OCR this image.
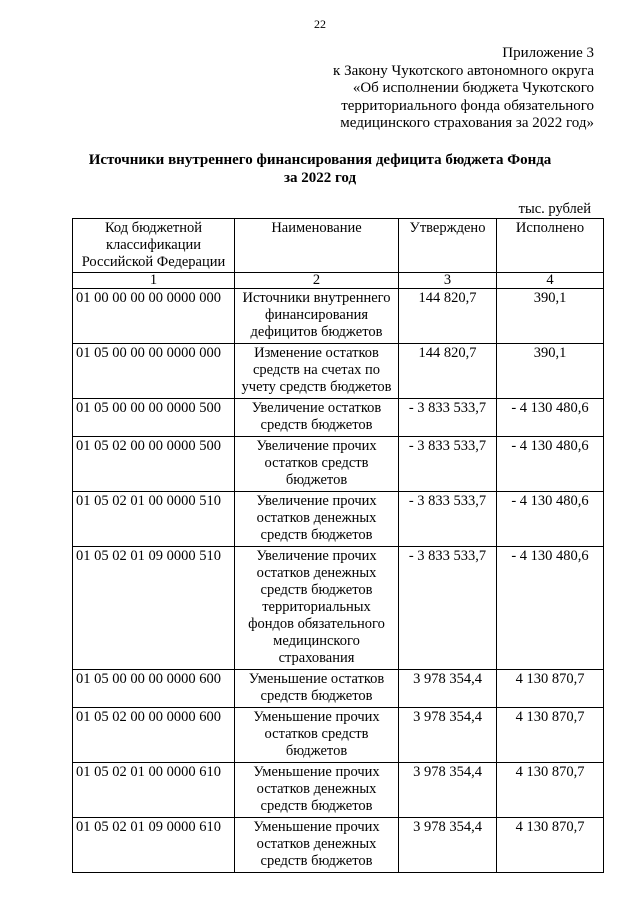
22
Приложение 3
к Закону Чукотского автономного округа
«Об исполнении бюджета Чукотского
территориального фонда обязательного
медицинского страхования за 2022 год»
Источники внутреннего финансирования дефицита бюджета Фонда
за 2022 год
тыс. рублей
Код бюджетной классификации Российской Федерации	Наименование	Утверждено	Исполнено
1	2	3	4
01 00 00 00 00 0000 000	Источники внутреннего финансирования дефицитов бюджетов	144 820,7	390,1
01 05 00 00 00 0000 000	Изменение остатков средств на счетах по учету средств бюджетов	144 820,7	390,1
01 05 00 00 00 0000 500	Увеличение остатков средств бюджетов	- 3 833 533,7	- 4 130 480,6
01 05 02 00 00 0000 500	Увеличение прочих остатков средств бюджетов	- 3 833 533,7	- 4 130 480,6
01 05 02 01 00 0000 510	Увеличение прочих остатков денежных средств бюджетов	- 3 833 533,7	- 4 130 480,6
01 05 02 01 09 0000 510	Увеличение прочих остатков денежных средств бюджетов территориальных фондов обязательного медицинского страхования	- 3 833 533,7	- 4 130 480,6
01 05 00 00 00 0000 600	Уменьшение остатков средств бюджетов	3 978 354,4	4 130 870,7
01 05 02 00 00 0000 600	Уменьшение прочих остатков средств бюджетов	3 978 354,4	4 130 870,7
01 05 02 01 00 0000 610	Уменьшение прочих остатков денежных средств бюджетов	3 978 354,4	4 130 870,7
01 05 02 01 09 0000 610	Уменьшение прочих остатков денежных средств бюджетов	3 978 354,4	4 130 870,7
